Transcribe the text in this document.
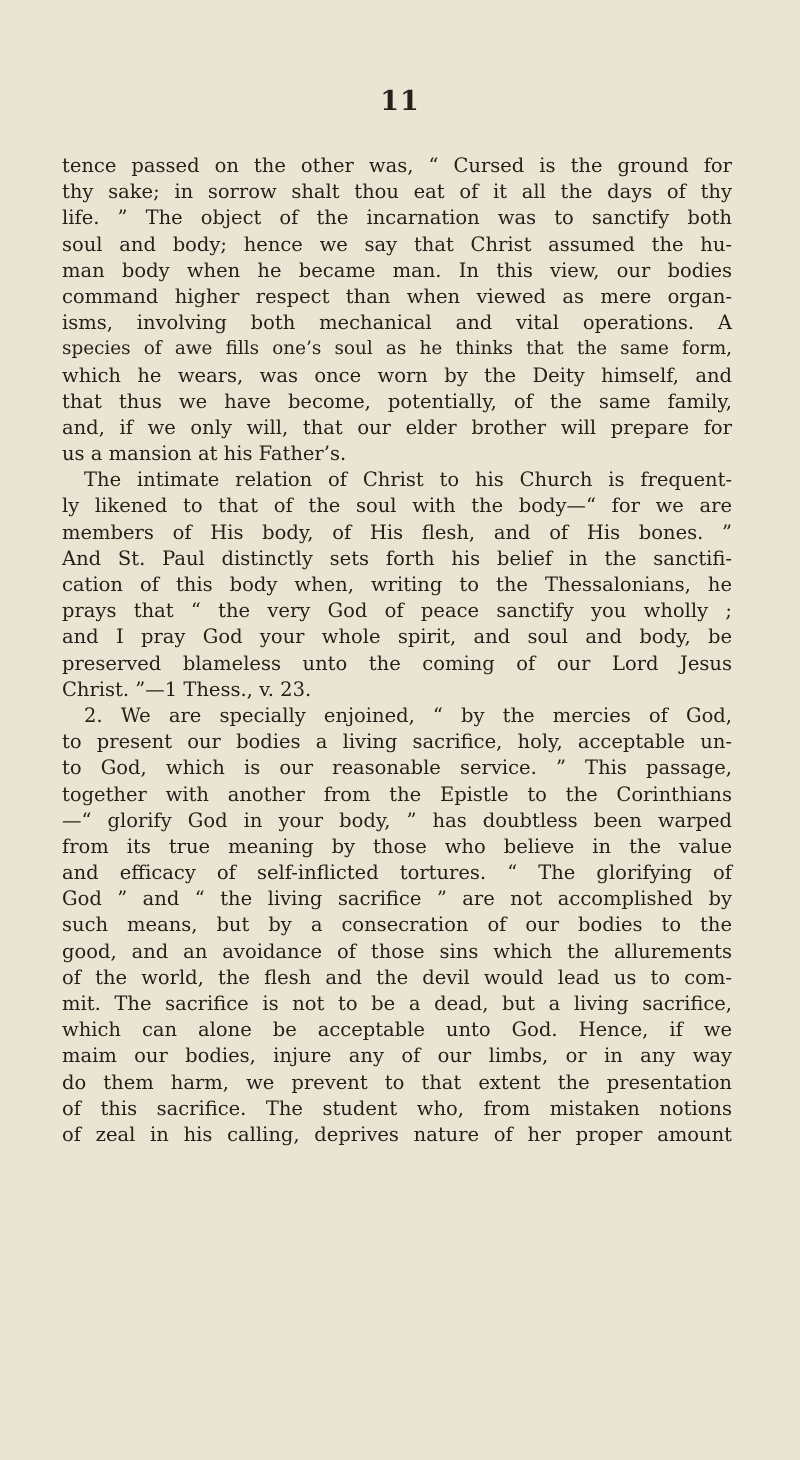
11
tence passed on the other was, “ Cursed is the ground for
thy sake; in sorrow shalt thou eat of it all the days of thy
life. ” The object of the incarnation was to sanctify both
soul and body; hence we say that Christ assumed the hu-
man body when he became man. In this view, our bodies
command higher respect than when viewed as mere organ-
isms, involving both mechanical and vital operations. A
species of awe fills one’s soul as he thinks that the same form,
which he wears, was once worn by the Deity himself, and
that thus we have become, potentially, of the same family,
and, if we only will, that our elder brother will prepare for
us a mansion at his Father’s.
The intimate relation of Christ to his Church is frequent-
ly likened to that of the soul with the body—“ for we are
members of His body, of His flesh, and of His bones. ”
And St. Paul distinctly sets forth his belief in the sanctifi-
cation of this body when, writing to the Thessalonians, he
prays that “ the very God of peace sanctify you wholly ;
and I pray God your whole spirit, and soul and body, be
preserved blameless unto the coming of our Lord Jesus
Christ. ”—1 Thess., v. 23.
2. We are specially enjoined, “ by the mercies of God,
to present our bodies a living sacrifice, holy, acceptable un-
to God, which is our reasonable service. ” This passage,
together with another from the Epistle to the Corinthians
—“ glorify God in your body, ” has doubtless been warped
from its true meaning by those who believe in the value
and efficacy of self-inflicted tortures. “ The glorifying of
God ” and “ the living sacrifice ” are not accomplished by
such means, but by a consecration of our bodies to the
good, and an avoidance of those sins which the allurements
of the world, the flesh and the devil would lead us to com-
mit. The sacrifice is not to be a dead, but a living sacrifice,
which can alone be acceptable unto God. Hence, if we
maim our bodies, injure any of our limbs, or in any way
do them harm, we prevent to that extent the presentation
of this sacrifice. The student who, from mistaken notions
of zeal in his calling, deprives nature of her proper amount
